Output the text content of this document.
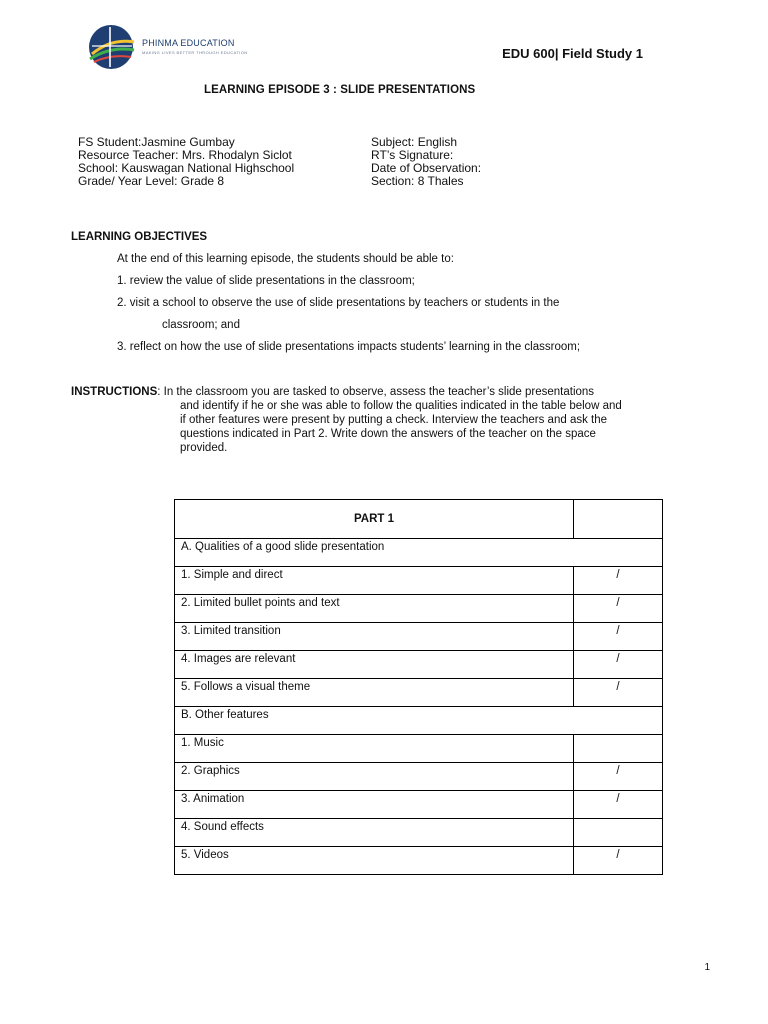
PHINMA EDUCATION
MAKING LIVES BETTER THROUGH EDUCATION	EDU 600| Field Study 1
LEARNING EPISODE 3 : SLIDE PRESENTATIONS
FS Student:Jasmine Gumbay
Resource Teacher: Mrs. Rhodalyn Siclot
School: Kauswagan National Highschool
Grade/ Year Level: Grade 8
Subject: English
RT’s Signature:
Date of Observation:
Section: 8 Thales
LEARNING OBJECTIVES
At the end of this learning episode, the students should be able to:
1. review the value of slide presentations in the classroom;
2. visit a school to observe the use of slide presentations by teachers or students in the
classroom; and
3. reflect on how the use of slide presentations impacts students’ learning in the classroom;
INSTRUCTIONS: In the classroom you are tasked to observe, assess the teacher’s slide presentations
and identify if he or she was able to follow the qualities indicated in the table below and
if other features were present by putting a check. Interview the teachers and ask the
questions indicated in Part 2. Write down the answers of the teacher on the space
provided.
PART 1	
A. Qualities of a good slide presentation	
1. Simple and direct	/
2. Limited bullet points and text	/
3. Limited transition	/
4. Images are relevant	/
5. Follows a visual theme	/
B. Other features	
1. Music	
2. Graphics	/
3. Animation	/
4. Sound effects	
5. Videos	/
1
